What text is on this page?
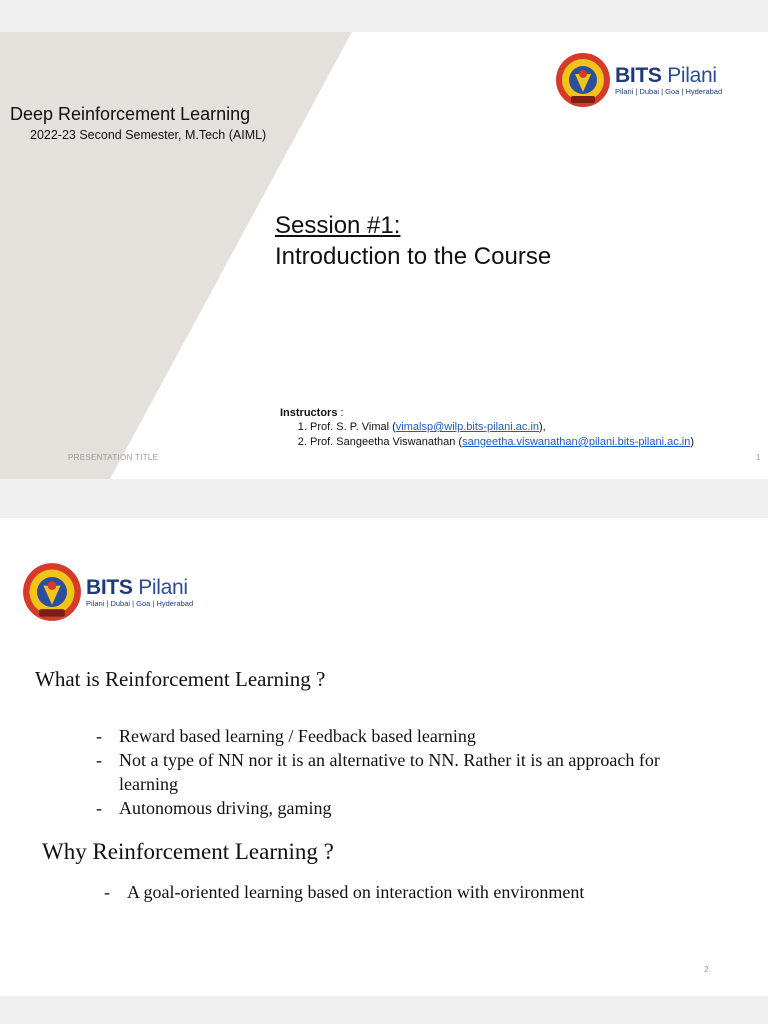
BITS Pilani
Pilani | Dubai | Goa | Hyderabad
Deep Reinforcement Learning
2022-23 Second Semester, M.Tech (AIML)
Session #1:
Introduction to the Course
Instructors :
1. Prof. S. P. Vimal (vimalsp@wilp.bits-pilani.ac.in),
2. Prof. Sangeetha Viswanathan (sangeetha.viswanathan@pilani.bits-pilani.ac.in)
PRESENTATION TITLE	1
BITS Pilani
Pilani | Dubai | Goa | Hyderabad
What is Reinforcement Learning ?
- Reward based learning / Feedback based learning
- Not a type of NN nor it is an alternative to NN. Rather it is an approach for learning
- Autonomous driving, gaming
Why Reinforcement Learning ?
- A goal-oriented learning based on interaction with environment
2
